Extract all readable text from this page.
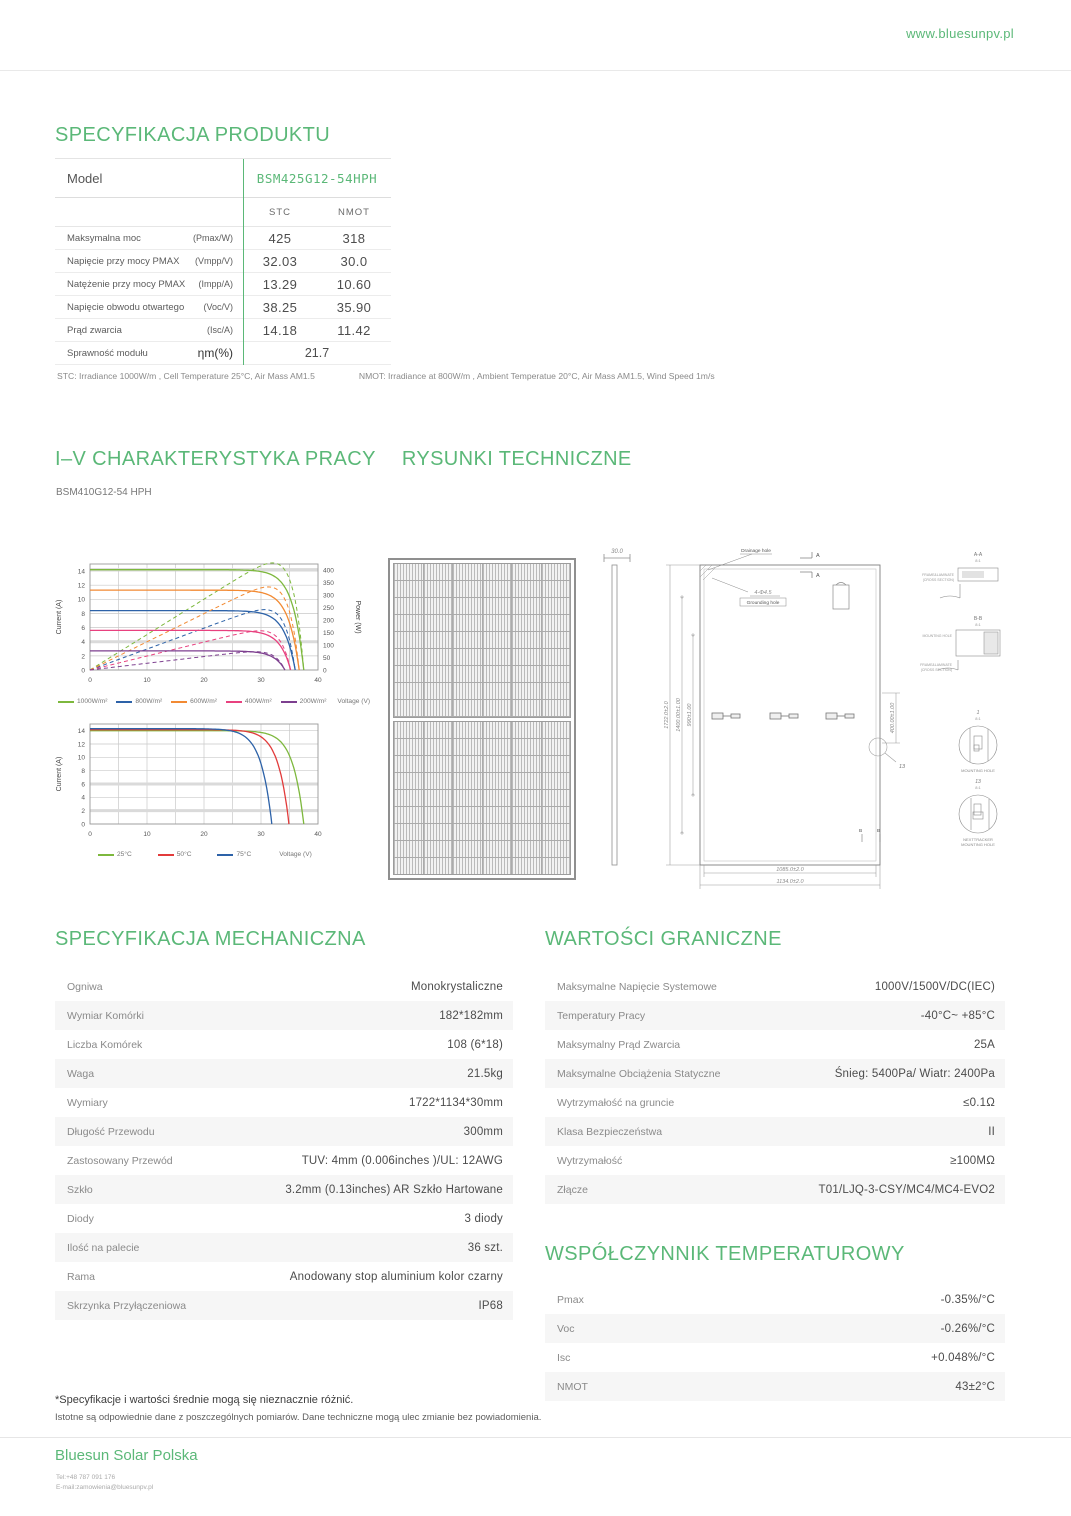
www.bluesunpv.pl
SPECYFIKACJA PRODUKTU
Model	BSM425G12-54HPH
STC	NMOT
Maksymalna moc	(Pmax/W)	425	318
Napięcie przy mocy PMAX (Vmpp/V)	32.03	30.0
Natężenie przy mocy PMAX (Impp/A)	13.29	10.60
Napięcie obwodu otwartego (Voc/V)	38.25	35.90
Prąd zwarcia	(Isc/A)	14.18	11.42
Sprawność modułu	ηm(%)	21.7
STC: Irradiance 1000W/m , Cell Temperature 25°C, Air Mass AM1.5	NMOT: Irradiance at 800W/m , Ambient Temperatue 20°C, Air Mass AM1.5, Wind Speed 1m/s
I–V CHARAKTERYSTYKA PRACY RYSUNKI TECHNICZNE
BSM410G12-54 HPH
0
2
4
6
8
10
12
14
0	10	20	30	40
0
50
100
150
200
250
300
350
400
Current (A)	Power (W)
1000W/m²	800W/m²	600W/m²	400W/m²	200W/m² Voltage (V)
0
2
4
6
8
10
12
14
0	10	20	30	40
Current (A)
25°C	50°C	75°C	Voltage (V)
30.0
1722.0±2.0 1400.00±1.00 990±1.00	400.00±1.00
13
Drainage hole
A
A
4-Φ4.5
Grounding hole
1085.0±2.0
1134.0±2.0
B	B
A-A
8:1
FRAME&LAMINATE
(CROSS SECTION)
B-B
8:1
MOUNTING HOLE
FRAME&LAMINATE
(CROSS SECTION)
1
8:1
MOUNTING HOLE
13
8:1
NEXTTRACKER
MOUNTING HOLE
SPECYFIKACJA MECHANICZNA
Ogniwa	Monokrystaliczne
Wymiar Komórki	182*182mm
Liczba Komórek	108 (6*18)
Waga	21.5kg
Wymiary	1722*1134*30mm
Długość Przewodu	300mm
Zastosowany Przewód	TUV: 4mm (0.006inches )/UL: 12AWG
Szkło	3.2mm (0.13inches) AR Szkło Hartowane
Diody	3 diody
Ilość na palecie	36 szt.
Rama	Anodowany stop aluminium kolor czarny
Skrzynka Przyłączeniowa	IP68
WARTOŚCI GRANICZNE
Maksymalne Napięcie Systemowe	1000V/1500V/DC(IEC)
Temperatury Pracy	-40°C~ +85°C
Maksymalny Prąd Zwarcia	25A
Maksymalne Obciążenia Statyczne	Śnieg: 5400Pa/ Wiatr: 2400Pa
Wytrzymałość na gruncie	≤0.1Ω
Klasa Bezpieczeństwa	II
Wytrzymałość	≥100MΩ
Złącze	T01/LJQ-3-CSY/MC4/MC4-EVO2
WSPÓŁCZYNNIK TEMPERATUROWY
Pmax	-0.35%/°C
Voc	-0.26%/°C
Isc	+0.048%/°C
NMOT	43±2°C
*Specyfikacje i wartości średnie mogą się nieznacznie różnić.
Istotne są odpowiednie dane z poszczególnych pomiarów. Dane techniczne mogą ulec zmianie bez powiadomienia.
Bluesun Solar Polska
Tel:+48 787 091 176
E-mail:zamowienia@bluesunpv.pl
